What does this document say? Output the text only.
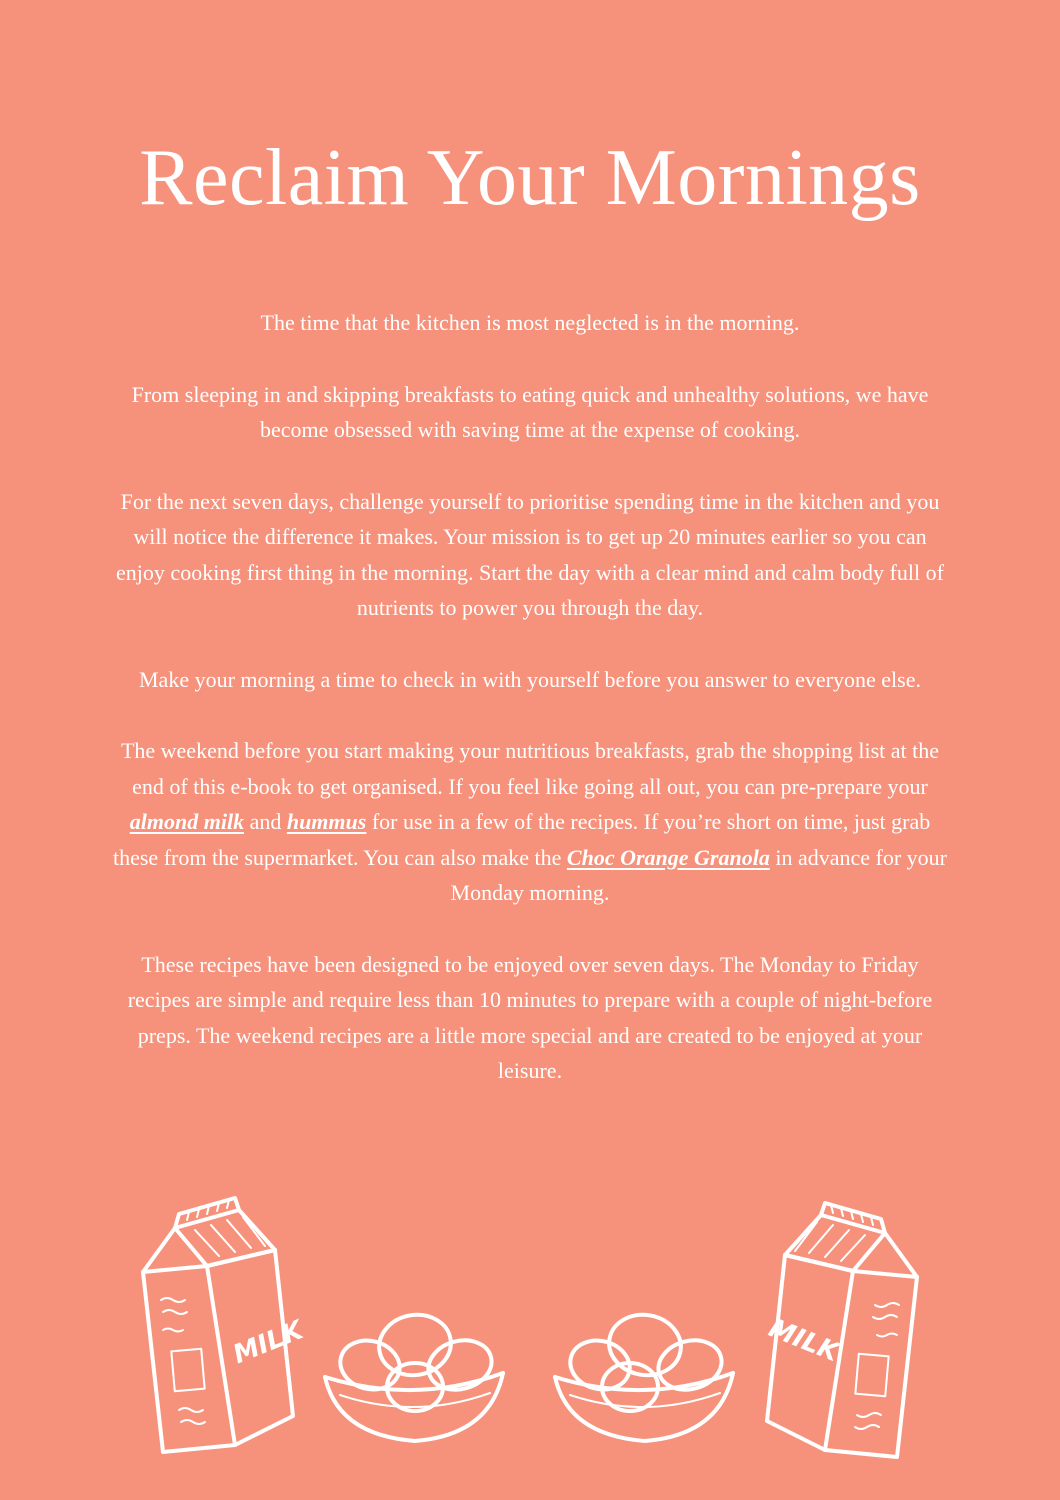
Reclaim Your Mornings

The time that the kitchen is most neglected is in the morning.

From sleeping in and skipping breakfasts to eating quick and unhealthy solutions, we have become obsessed with saving time at the expense of cooking.

For the next seven days, challenge yourself to prioritise spending time in the kitchen and you will notice the difference it makes. Your mission is to get up 20 minutes earlier so you can enjoy cooking first thing in the morning. Start the day with a clear mind and calm body full of nutrients to power you through the day.

Make your morning a time to check in with yourself before you answer to everyone else.

The weekend before you start making your nutritious breakfasts, grab the shopping list at the end of this e-book to get organised. If you feel like going all out, you can pre-prepare your almond milk and hummus for use in a few of the recipes. If you’re short on time, just grab these from the supermarket. You can also make the Choc Orange Granola in advance for your Monday morning.

These recipes have been designed to be enjoyed over seven days. The Monday to Friday recipes are simple and require less than 10 minutes to prepare with a couple of night-before preps. The weekend recipes are a little more special and are created to be enjoyed at your leisure.

MILK	MILK
